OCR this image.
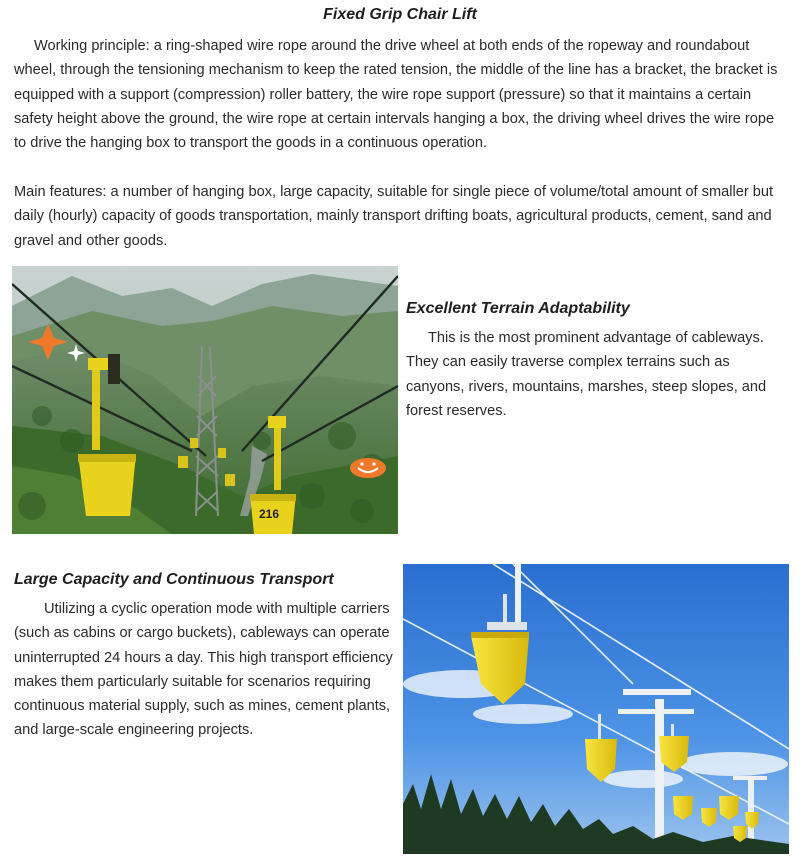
Fixed Grip Chair Lift

Working principle: a ring-shaped wire rope around the drive wheel at both ends of the ropeway and roundabout wheel, through the tensioning mechanism to keep the rated tension, the middle of the line has a bracket, the bracket is equipped with a support (compression) roller battery, the wire rope support (pressure) so that it maintains a certain safety height above the ground, the wire rope at certain intervals hanging a box, the driving wheel drives the wire rope to drive the hanging box to transport the goods in a continuous operation.

Main features: a number of hanging box, large capacity, suitable for single piece of volume/total amount of smaller but daily (hourly) capacity of goods transportation, mainly transport drifting boats, agricultural products, cement, sand and gravel and other goods.

216
Excellent Terrain Adaptability

This is the most prominent advantage of cableways. They can easily traverse complex terrains such as canyons, rivers, mountains, marshes, steep slopes, and forest reserves.

Large Capacity and Continuous Transport

Utilizing a cyclic operation mode with multiple carriers (such as cabins or cargo buckets), cableways can operate uninterrupted 24 hours a day. This high transport efficiency makes them particularly suitable for scenarios requiring continuous material supply, such as mines, cement plants, and large-scale engineering projects.
